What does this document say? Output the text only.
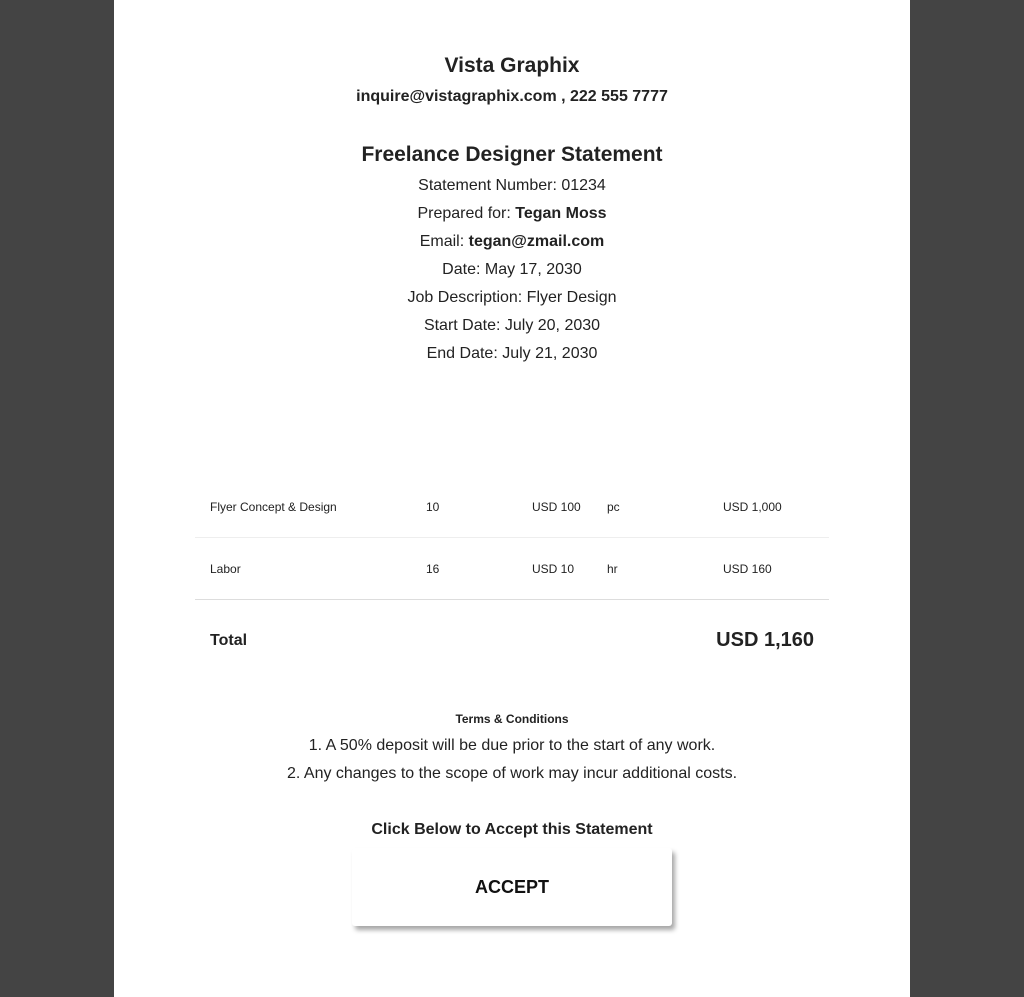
Vista Graphix
inquire@vistagraphix.com , 222 555 7777
Freelance Designer Statement
Statement Number: 01234
Prepared for: Tegan Moss
Email: tegan@zmail.com
Date: May 17, 2030
Job Description: Flyer Design
Start Date: July 20, 2030
End Date: July 21, 2030
Flyer Concept & Design	10	USD 100 pc	USD 1,000
Labor	16	USD 10	hr	USD 160
Total	USD 1,160
Terms & Conditions
1. A 50% deposit will be due prior to the start of any work.
2. Any changes to the scope of work may incur additional costs.
Click Below to Accept this Statement
ACCEPT
